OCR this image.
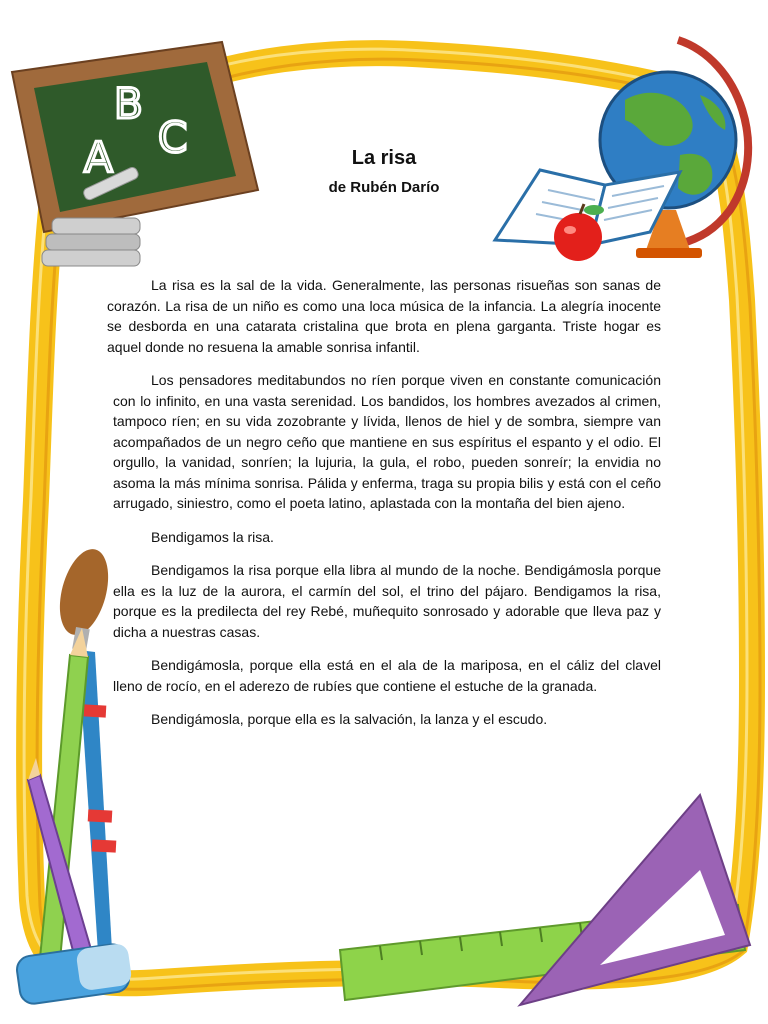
A
B
C	La risa
de Rubén Darío

La risa es la sal de la vida. Generalmente, las personas risueñas son sanas de corazón. La risa de un niño es como una loca música de la infancia. La alegría inocente se desborda en una catarata cristalina que brota en plena garganta. Triste hogar es aquel donde no resuena la amable sonrisa infantil.

Los pensadores meditabundos no ríen porque viven en constante comunicación con lo infinito, en una vasta serenidad. Los bandidos, los hombres avezados al crimen, tampoco ríen; en su vida zozobrante y lívida, llenos de hiel y de sombra, siempre van acompañados de un negro ceño que mantiene en sus espíritus el espanto y el odio. El orgullo, la vanidad, sonríen; la lujuria, la gula, el robo, pueden sonreír; la envidia no asoma la más mínima sonrisa. Pálida y enferma, traga su propia bilis y está con el ceño arrugado, siniestro, como el poeta latino, aplastada con la montaña del bien ajeno.

Bendigamos la risa.

Bendigamos la risa porque ella libra al mundo de la noche. Bendigámosla porque ella es la luz de la aurora, el carmín del sol, el trino del pájaro. Bendigamos la risa, porque es la predilecta del rey Rebé, muñequito sonrosado y adorable que lleva paz y dicha a nuestras casas.

Bendigámosla, porque ella está en el ala de la mariposa, en el cáliz del clavel lleno de rocío, en el aderezo de rubíes que contiene el estuche de la granada.

Bendigámosla, porque ella es la salvación, la lanza y el escudo.
